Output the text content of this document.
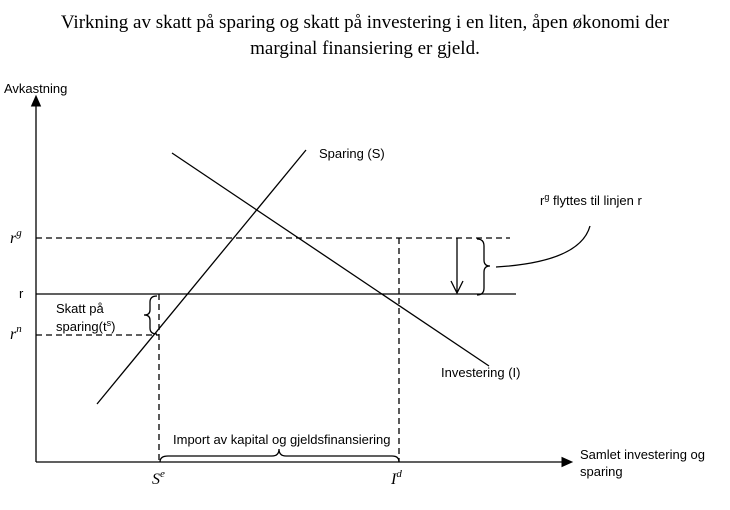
Virkning av skatt på sparing og skatt på investering i en liten, åpen økonomi der
marginal finansiering er gjeld.
Avkastning
Samlet investering og
sparing
$r^g$
r
$r^n$
$S^e$	$I^d$
Sparing (S)
Investering (I)
Skatt på
$sparing(t^s)$
$r^g$ flyttes til linjen r
Import av kapital og gjeldsfinansiering
